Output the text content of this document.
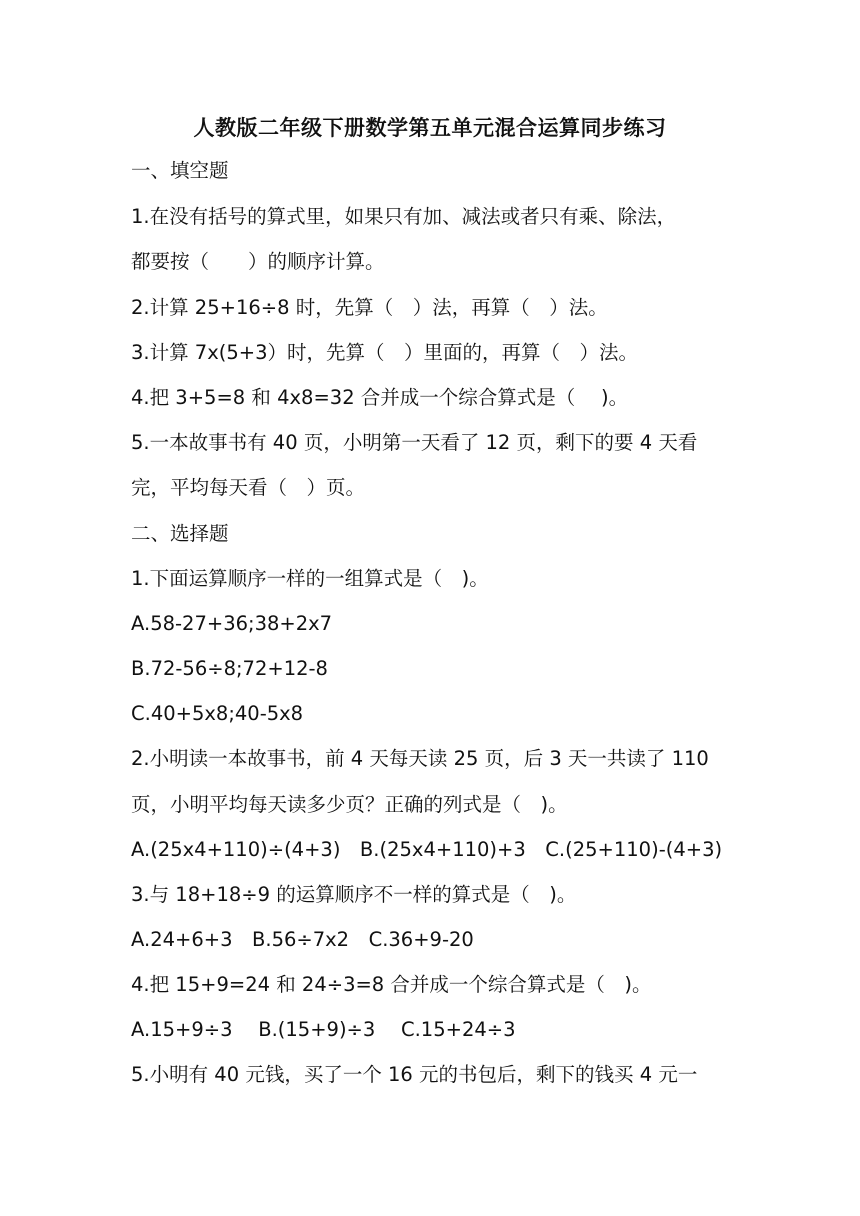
人教版二年级下册数学第五单元混合运算同步练习
一、填空题
1.在没有括号的算式里，如果只有加、减法或者只有乘、除法，
都要按（　　）的顺序计算。
2.计算 25+16÷8 时，先算（　）法，再算（　）法。
3.计算 7x(5+3）时，先算（　）里面的，再算（　）法。
4.把 3+5=8 和 4x8=32 合并成一个综合算式是（　 )。
5.一本故事书有 40 页，小明第一天看了 12 页，剩下的要 4 天看
完，平均每天看（　）页。
二、选择题
1.下面运算顺序一样的一组算式是（　)。
A.58-27+36;38+2x7
B.72-56÷8;72+12-8
C.40+5x8;40-5x8
2.小明读一本故事书，前 4 天每天读 25 页，后 3 天一共读了 110
页，小明平均每天读多少页？正确的列式是（　)。
A.(25x4+110)÷(4+3)　B.(25x4+110)+3　C.(25+110)-(4+3)
3.与 18+18÷9 的运算顺序不一样的算式是（　)。
A.24+6+3　B.56÷7x2　C.36+9-20
4.把 15+9=24 和 24÷3=8 合并成一个综合算式是（　)。
A.15+9÷3　 B.(15+9)÷3　 C.15+24÷3
5.小明有 40 元钱，买了一个 16 元的书包后，剩下的钱买 4 元一
